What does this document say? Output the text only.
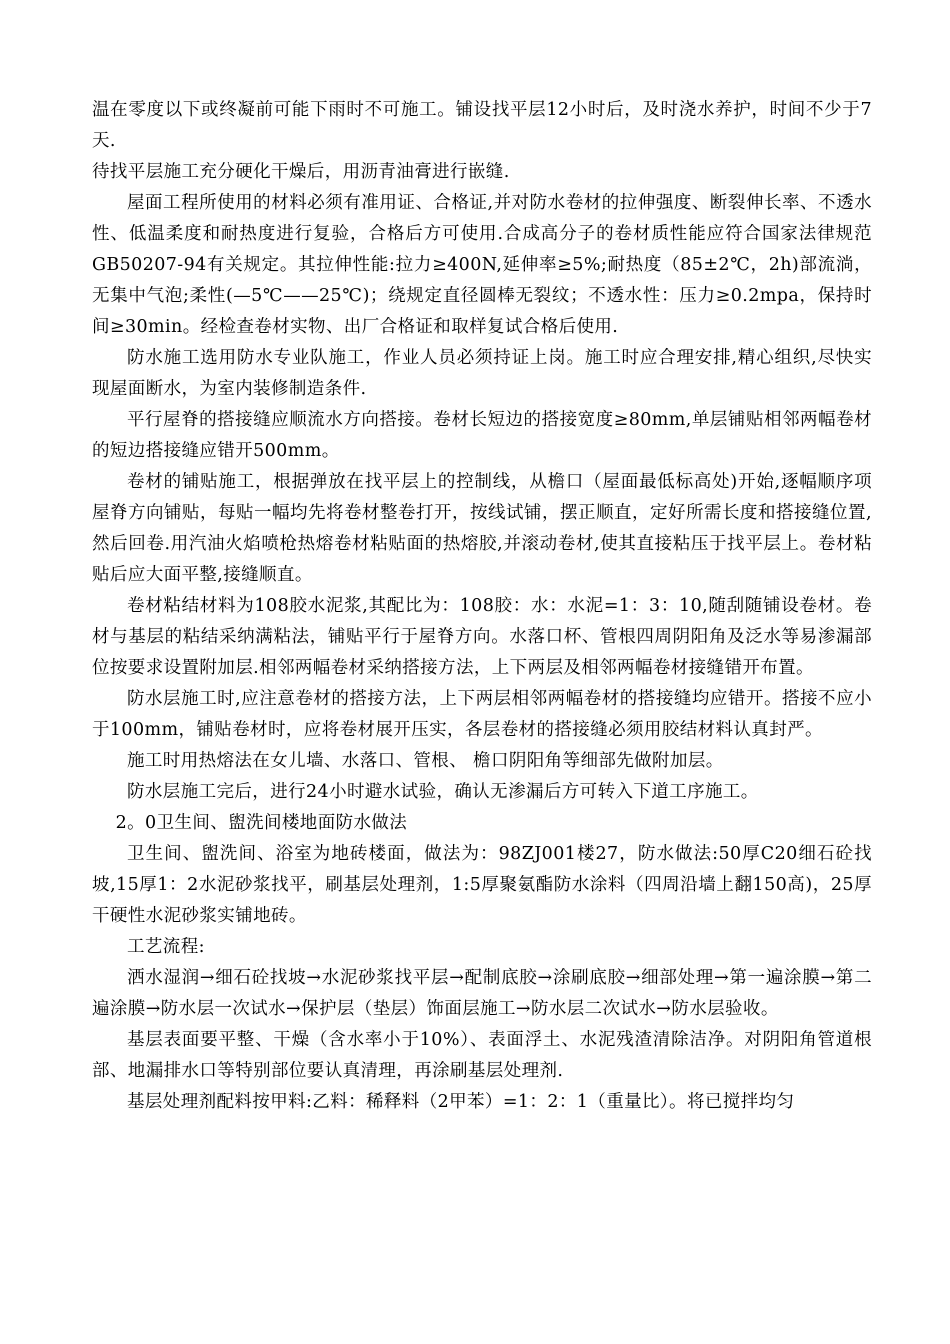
温在零度以下或终凝前可能下雨时不可施工。铺设找平层12小时后，及时浇水养护，时间不少于7天.

待找平层施工充分硬化干燥后，用沥青油膏进行嵌缝.

屋面工程所使用的材料必须有准用证、合格证,并对防水卷材的拉伸强度、断裂伸长率、不透水性、低温柔度和耐热度进行复验，合格后方可使用.合成高分子的卷材质性能应符合国家法律规范GB50207-94有关规定。其拉伸性能:拉力≥400N,延伸率≥5%;耐热度（85±2℃，2h)部流淌，无集中气泡;柔性(—5℃——25℃)；绕规定直径圆棒无裂纹；不透水性：压力≥0.2mpa，保持时间≥30min。经检查卷材实物、出厂合格证和取样复试合格后使用.

防水施工选用防水专业队施工，作业人员必须持证上岗。施工时应合理安排,精心组织,尽快实现屋面断水，为室内装修制造条件.

平行屋脊的搭接缝应顺流水方向搭接。卷材长短边的搭接宽度≥80mm,单层铺贴相邻两幅卷材的短边搭接缝应错开500mm。

卷材的铺贴施工，根据弹放在找平层上的控制线，从檐口（屋面最低标高处)开始,逐幅顺序项屋脊方向铺贴，每贴一幅均先将卷材整卷打开，按线试铺，摆正顺直，定好所需长度和搭接缝位置,然后回卷.用汽油火焰喷枪热熔卷材粘贴面的热熔胶,并滚动卷材,使其直接粘压于找平层上。卷材粘贴后应大面平整,接缝顺直。

卷材粘结材料为108胶水泥浆,其配比为：108胶：水：水泥=1：3：10,随刮随铺设卷材。卷材与基层的粘结采纳满粘法，铺贴平行于屋脊方向。水落口杯、管根四周阴阳角及泛水等易渗漏部位按要求设置附加层.相邻两幅卷材采纳搭接方法，上下两层及相邻两幅卷材接缝错开布置。

防水层施工时,应注意卷材的搭接方法，上下两层相邻两幅卷材的搭接缝均应错开。搭接不应小于100mm，铺贴卷材时，应将卷材展开压实，各层卷材的搭接缝必须用胶结材料认真封严。

施工时用热熔法在女儿墙、水落口、管根、 檐口阴阳角等细部先做附加层。

防水层施工完后，进行24小时避水试验，确认无渗漏后方可转入下道工序施工。

2。0卫生间、盥洗间楼地面防水做法

卫生间、盥洗间、浴室为地砖楼面，做法为：98ZJ001楼27，防水做法:50厚C20细石砼找坡,15厚1：2水泥砂浆找平，刷基层处理剂，1:5厚聚氨酯防水涂料（四周沿墙上翻150高)，25厚干硬性水泥砂浆实铺地砖。

工艺流程:

洒水湿润→细石砼找坡→水泥砂浆找平层→配制底胶→涂刷底胶→细部处理→第一遍涂膜→第二遍涂膜→防水层一次试水→保护层（垫层）饰面层施工→防水层二次试水→防水层验收。

基层表面要平整、干燥（含水率小于10%）、表面浮土、水泥残渣清除洁净。对阴阳角管道根部、地漏排水口等特别部位要认真清理，再涂刷基层处理剂.

基层处理剂配料按甲料:乙料：稀释料（2甲苯）=1：2：1（重量比）。将已搅拌均匀
